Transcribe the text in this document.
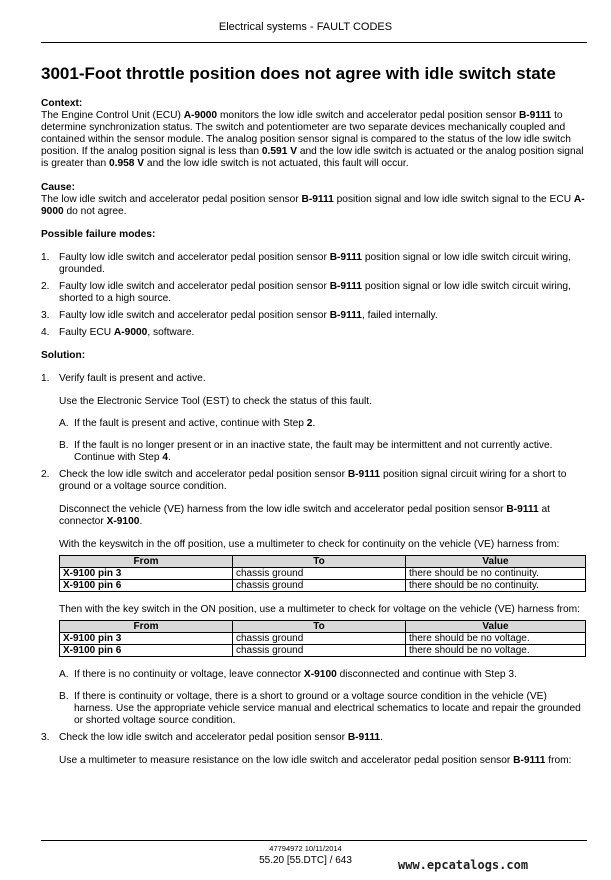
Electrical systems - FAULT CODES
3001-Foot throttle position does not agree with idle switch state

Context:

The Engine Control Unit (ECU) A-9000 monitors the low idle switch and accelerator pedal position sensor B-9111 to determine synchronization status. The switch and potentiometer are two separate devices mechanically coupled and contained within the sensor module. The analog position sensor signal is compared to the status of the low idle switch position. If the analog position signal is less than 0.591 V and the low idle switch is actuated or the analog position signal is greater than 0.958 V and the low idle switch is not actuated, this fault will occur.

Cause:

The low idle switch and accelerator pedal position sensor B-9111 position signal and low idle switch signal to the ECU A-9000 do not agree.

Possible failure modes:

1. Faulty low idle switch and accelerator pedal position sensor B-9111 position signal or low idle switch circuit wiring, grounded.
2. Faulty low idle switch and accelerator pedal position sensor B-9111 position signal or low idle switch circuit wiring, shorted to a high source.
3. Faulty low idle switch and accelerator pedal position sensor B-9111, failed internally.
4. Faulty ECU A-9000, software.

Solution:

1. Verify fault is present and active.

Use the Electronic Service Tool (EST) to check the status of this fault.

A. If the fault is present and active, continue with Step 2.
B. If the fault is no longer present or in an inactive state, the fault may be intermittent and not currently active. Continue with Step 4.
2. Check the low idle switch and accelerator pedal position sensor B-9111 position signal circuit wiring for a short to ground or a voltage source condition.

Disconnect the vehicle (VE) harness from the low idle switch and accelerator pedal position sensor B-9111 at connector X-9100.

With the keyswitch in the off position, use a multimeter to check for continuity on the vehicle (VE) harness from:

From	To	Value
X-9100 pin 3	chassis ground	there should be no continuity.
X-9100 pin 6	chassis ground	there should be no continuity.

Then with the key switch in the ON position, use a multimeter to check for voltage on the vehicle (VE) harness from:

From	To	Value
X-9100 pin 3	chassis ground	there should be no voltage.
X-9100 pin 6	chassis ground	there should be no voltage.
A. If there is no continuity or voltage, leave connector X-9100 disconnected and continue with Step 3.
B. If there is continuity or voltage, there is a short to ground or a voltage source condition in the vehicle (VE) harness. Use the appropriate vehicle service manual and electrical schematics to locate and repair the grounded or shorted voltage source condition.
3. Check the low idle switch and accelerator pedal position sensor B-9111.

Use a multimeter to measure resistance on the low idle switch and accelerator pedal position sensor B-9111 from:

47794972 10/11/2014
55.20 [55.DTC] / 643	www.epcatalogs.com
